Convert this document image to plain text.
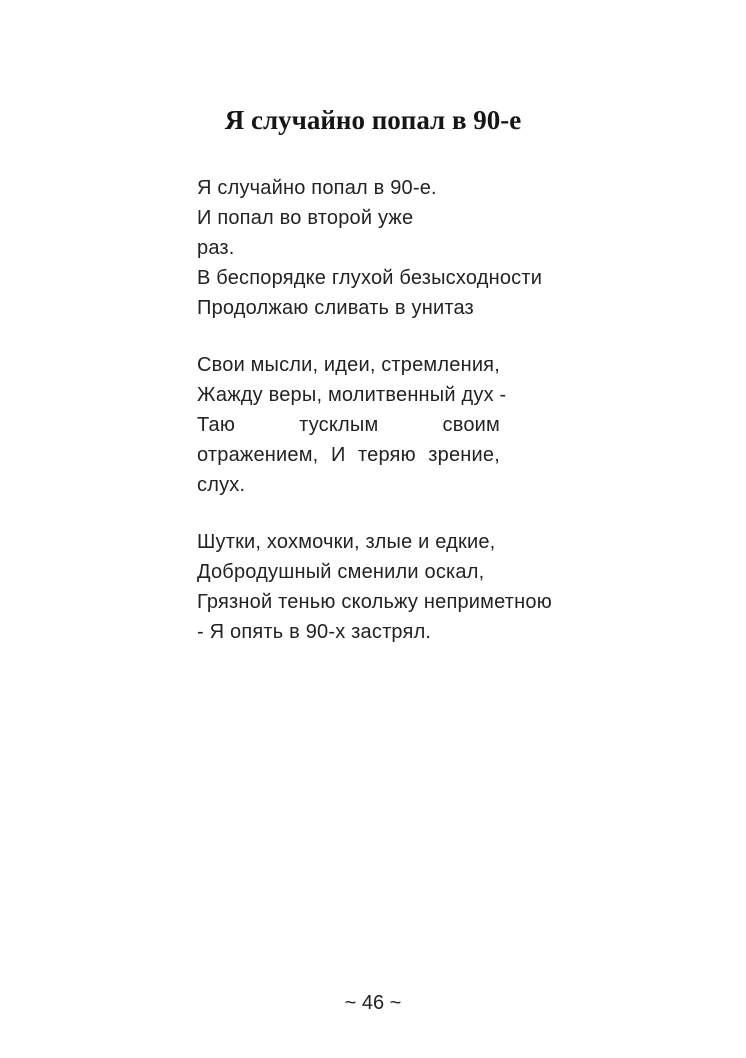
Я случайно попал в 90-е
Я случайно попал в 90-е.
И попал во второй уже
раз.
В беспорядке глухой безысходности
Продолжаю сливать в унитаз
Свои мысли, идеи, стремления,
Жажду веры, молитвенный дух -
Таю	тусклым	своим
отражением, И теряю зрение,
слух.
Шутки, хохмочки, злые и едкие,
Добродушный сменили оскал,
Грязной тенью скольжу неприметною
- Я опять в 90-х застрял.
~ 46 ~
